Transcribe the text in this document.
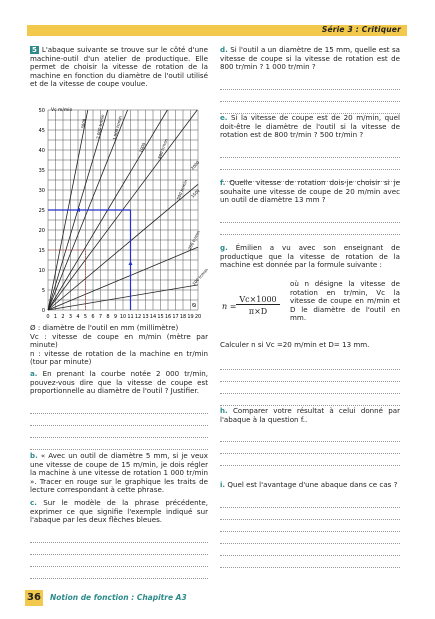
Série 3 : Critiquer

5 L'abaque suivante se trouve sur le côté d'une machine-outil d'un atelier de productique. Elle permet de choisir la vitesse de rotation de la machine en fonction du diamètre de l'outil utilisé et de la vitesse de coupe voulue.

100 tr/min
250 tr/min
500 tr/min
800 tr/min
1000
1 500 tr/min
2 000 tr/min
3000
2000
1500
0 1 2 3 4 5 6 7 8 9 10 11 12 13 14 15 16 17 18 19 20
0
5
10
15
20
25
30
35
40
45
50 Vc m/min
Ø

Ø : diamètre de l'outil en mm (millimètre)

Vc : vitesse de coupe en m/min (mètre par minute)

n : vitesse de rotation de la machine en tr/min (tour par minute)

a. En prenant la courbe notée 2 000 tr/min, pouvez-vous dire que la vitesse de coupe est proportionnelle au diamètre de l'outil ? Justifier.

b. « Avec un outil de diamètre 5 mm, si je veux une vitesse de coupe de 15 m/min, je dois régler la machine à une vitesse de rotation 1 000 tr/min ». Tracer en rouge sur le graphique les traits de lecture correspondant à cette phrase.

c. Sur le modèle de la phrase précédente, exprimer ce que signifie l'exemple indiqué sur l'abaque par les deux flèches bleues.

d. Si l'outil a un diamètre de 15 mm, quelle est sa vitesse de coupe si la vitesse de rotation est de 800 tr/min ? 1 000 tr/min ?

e. Si la vitesse de coupe est de 20 m/min, quel doit-être le diamètre de l'outil si la vitesse de rotation est de 800 tr/min ? 500 tr/min ?

f. Quelle vitesse de rotation dois-je choisir si je souhaite une vitesse de coupe de 20 m/min avec un outil de diamètre 13 mm ?

g. Émilien a vu avec son enseignant de productique que la vitesse de rotation de la machine est donnée par la formule suivante :

n =
Vc×1000
π×D

où n désigne la vitesse de rotation en tr/min, Vc la vitesse de coupe en m/min et D le diamètre de l'outil en mm.

Calculer n si Vc =20 m/min et D= 13 mm.

h. Comparer votre résultat à celui donné par l'abaque à la question f..

i. Quel est l'avantage d'une abaque dans ce cas ?

36 Notion de fonction : Chapitre A3
